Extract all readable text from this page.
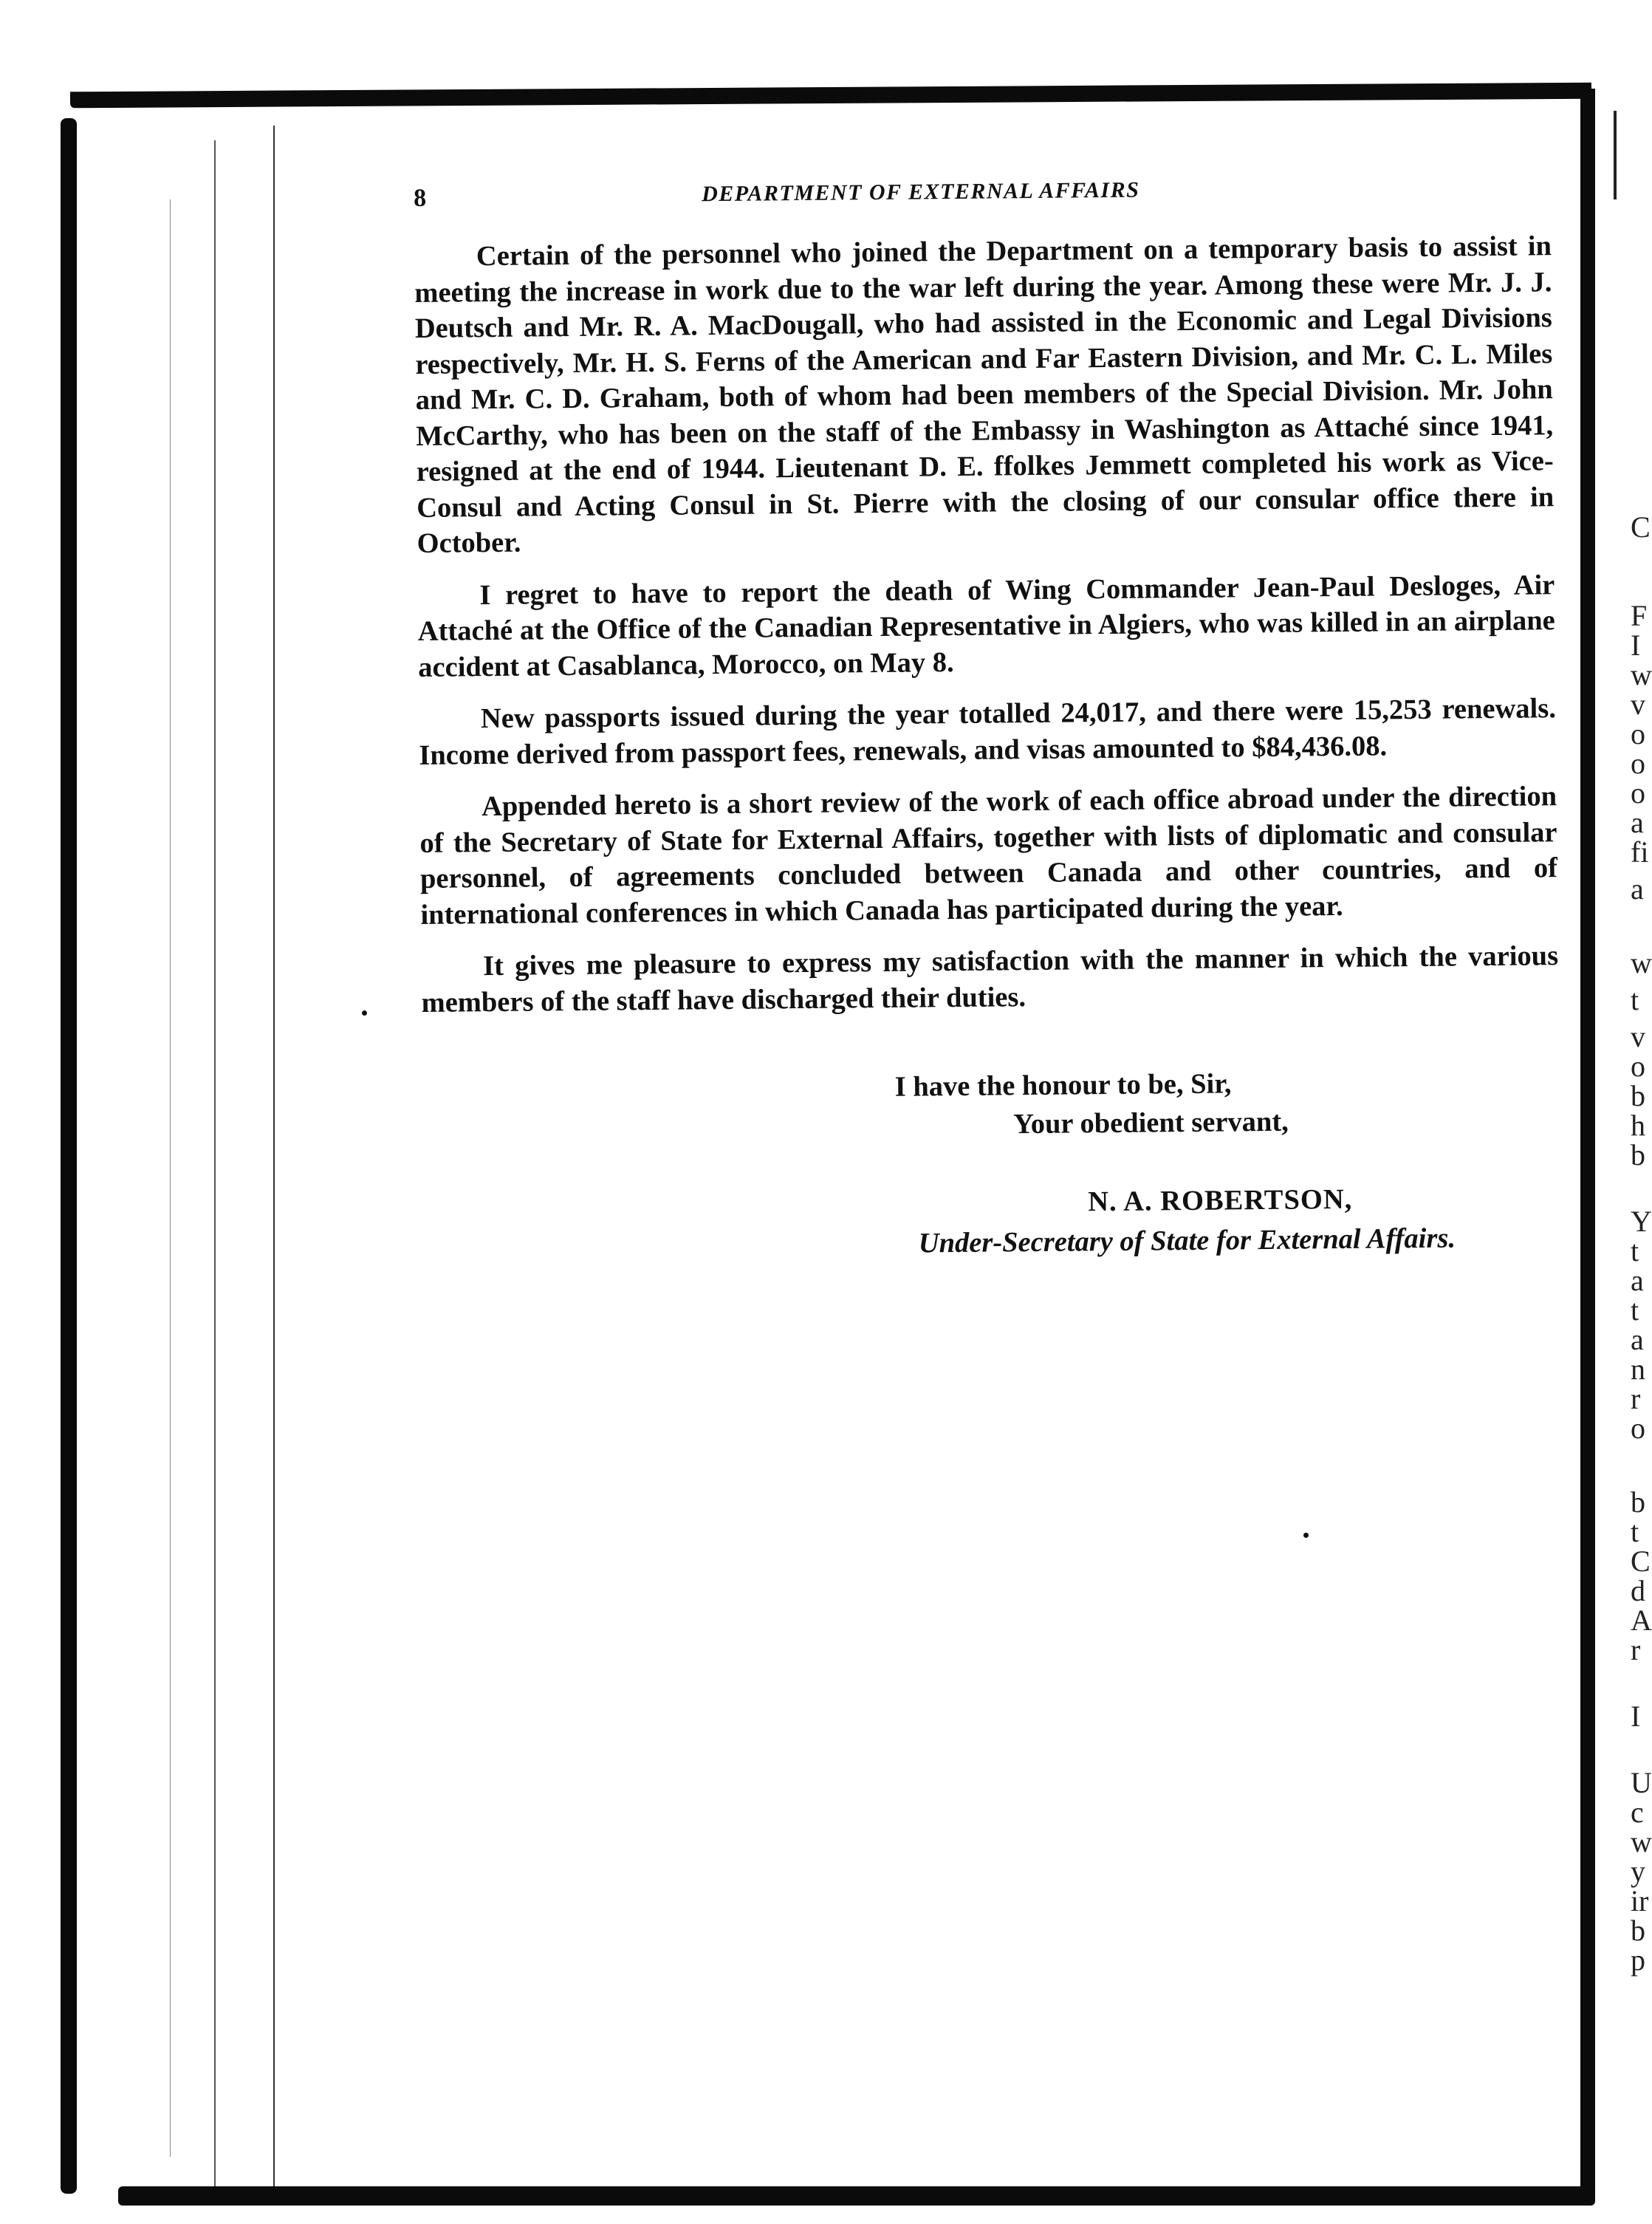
C
F
I
w
v
o
o
o
a
fi
a
w
t
v
o
b
h
b
Y
t
a
t
a
n
r
o
b
t
C
d
A
r
I
U
c
w
y
ir
b
p
8	DEPARTMENT OF EXTERNAL AFFAIRS

Certain of the personnel who joined the Department on a temporary basis to assist in meeting the increase in work due to the war left during the year. Among these were Mr. J. J. Deutsch and Mr. R. A. MacDougall, who had assisted in the Economic and Legal Divisions respectively, Mr. H. S. Ferns of the American and Far Eastern Division, and Mr. C. L. Miles and Mr. C. D. Graham, both of whom had been members of the Special Division. Mr. John McCarthy, who has been on the staff of the Embassy in Washington as Attaché since 1941, resigned at the end of 1944. Lieutenant D. E. ffolkes Jemmett completed his work as Vice-Consul and Acting Consul in St. Pierre with the closing of our consular office there in October.

I regret to have to report the death of Wing Commander Jean-Paul Desloges, Air Attaché at the Office of the Canadian Representative in Algiers, who was killed in an airplane accident at Casablanca, Morocco, on May 8.

New passports issued during the year totalled 24,017, and there were 15,253 renewals. Income derived from passport fees, renewals, and visas amounted to $84,436.08.

Appended hereto is a short review of the work of each office abroad under the direction of the Secretary of State for External Affairs, together with lists of diplomatic and consular personnel, of agreements concluded between Canada and other countries, and of international conferences in which Canada has participated during the year.

It gives me pleasure to express my satisfaction with the manner in which the various members of the staff have discharged their duties.

I have the honour to be, Sir,
Your obedient servant,
N. A. ROBERTSON,
Under-Secretary of State for External Affairs.
